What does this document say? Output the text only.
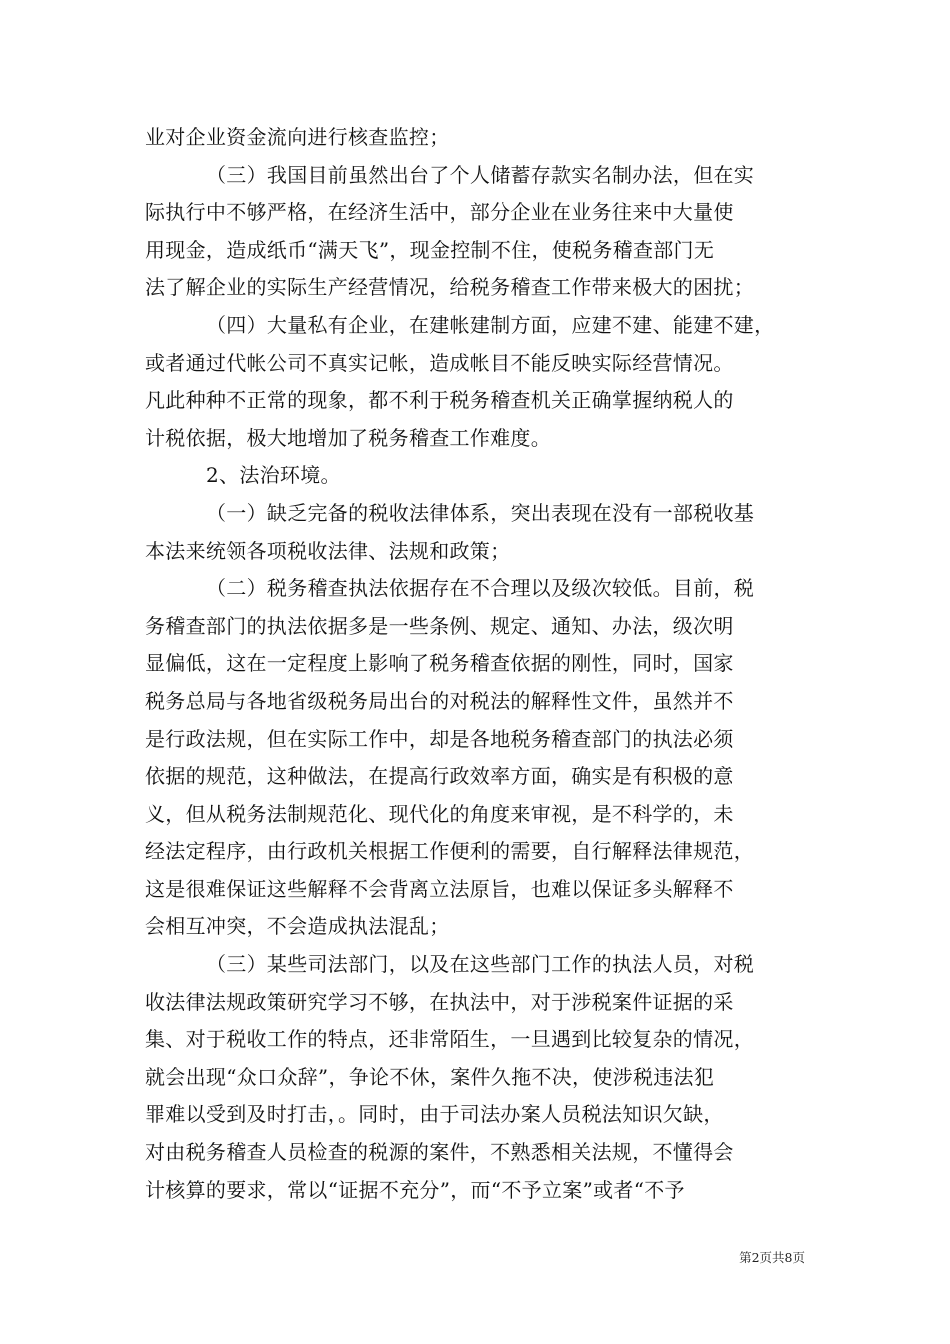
业对企业资金流向进行核查监控；
（三）我国目前虽然出台了个人储蓄存款实名制办法，但在实
际执行中不够严格，在经济生活中，部分企业在业务往来中大量使
用现金，造成纸币“满天飞”，现金控制不住，使税务稽查部门无
法了解企业的实际生产经营情况，给税务稽查工作带来极大的困扰；
（四）大量私有企业，在建帐建制方面，应建不建、能建不建，
或者通过代帐公司不真实记帐，造成帐目不能反映实际经营情况。
凡此种种不正常的现象，都不利于税务稽查机关正确掌握纳税人的
计税依据，极大地增加了税务稽查工作难度。
2、法治环境。
（一）缺乏完备的税收法律体系，突出表现在没有一部税收基
本法来统领各项税收法律、法规和政策；
（二）税务稽查执法依据存在不合理以及级次较低。目前，税
务稽查部门的执法依据多是一些条例、规定、通知、办法，级次明
显偏低，这在一定程度上影响了税务稽查依据的刚性，同时，国家
税务总局与各地省级税务局出台的对税法的解释性文件，虽然并不
是行政法规，但在实际工作中，却是各地税务稽查部门的执法必须
依据的规范，这种做法，在提高行政效率方面，确实是有积极的意
义，但从税务法制规范化、现代化的角度来审视，是不科学的，未
经法定程序，由行政机关根据工作便利的需要，自行解释法律规范，
这是很难保证这些解释不会背离立法原旨，也难以保证多头解释不
会相互冲突，不会造成执法混乱；
（三）某些司法部门，以及在这些部门工作的执法人员，对税
收法律法规政策研究学习不够，在执法中，对于涉税案件证据的采
集、对于税收工作的特点，还非常陌生，一旦遇到比较复杂的情况，
就会出现“众口众辞”，争论不休，案件久拖不决，使涉税违法犯
罪难以受到及时打击，。同时，由于司法办案人员税法知识欠缺，
对由税务稽查人员检查的税源的案件，不熟悉相关法规，不懂得会
计核算的要求，常以“证据不充分”，而“不予立案”或者“不予
第2页共8页
